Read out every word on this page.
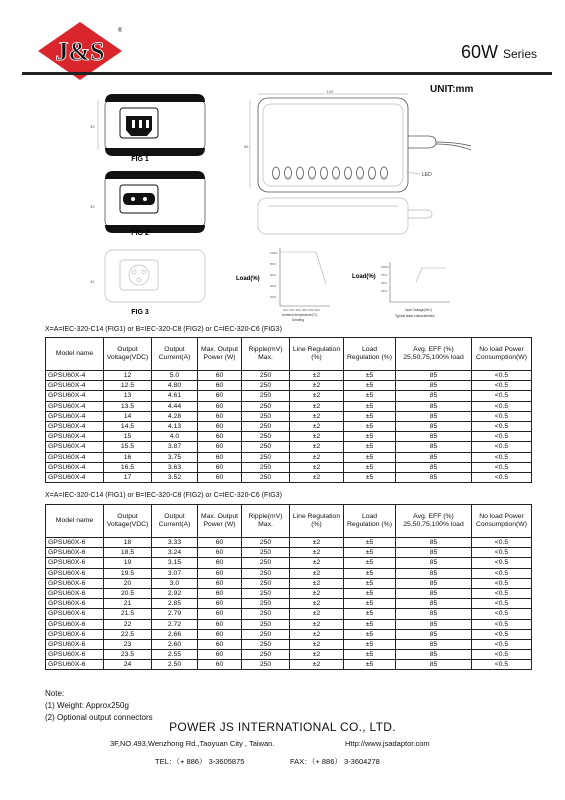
J&S
®
60W Series
UNIT:mm
33
FIG 1
33
FIG 2
33
FIG 3
100
56
LED
Load(%)
100%
80%
60%
40%
20%
10C 20C 30C 40C 50C 60C
Ambient temperature(°C)
Derating
Load(%)
100%
75%
50%
25%
Input Voltage(VAC)
Typical static characteristics
X=A=IEC-320-C14 (FIG1) or B=IEC-320-C8 (FIG2) or C=IEC-320-C6 (FIG3)
Model name	Output Voltage(VDC)	Output Current(A)	Max. Output Power (W)	Ripple(mV) Max.	Line Regulation (%)	Load Regulation (%)	Avg. EFF (%) 25,50,75,100% load	No load Power Consumption(W)
GPSU60X-4	12	5.0	60	250	±2	±5	85	<0.5
GPSU60X-4	12.5	4.80	60	250	±2	±5	85	<0.5
GPSU60X-4	13	4.61	60	250	±2	±5	85	<0.5
GPSU60X-4	13.5	4.44	60	250	±2	±5	85	<0.5
GPSU60X-4	14	4.28	60	250	±2	±5	85	<0.5
GPSU60X-4	14.5	4.13	60	250	±2	±5	85	<0.5
GPSU60X-4	15	4.0	60	250	±2	±5	85	<0.5
GPSU60X-4	15.5	3.87	60	250	±2	±5	85	<0.5
GPSU60X-4	16	3.75	60	250	±2	±5	85	<0.5
GPSU60X-4	16.5	3.63	60	250	±2	±5	85	<0.5
GPSU60X-4	17	3.52	60	250	±2	±5	85	<0.5
X=A=IEC-320-C14 (FIG1) or B=IEC-320-C8 (FIG2) or C=IEC-320-C6 (FIG3)
Model name	Output Voltage(VDC)	Output Current(A)	Max. Output Power (W)	Ripple(mV) Max.	Line Regulation (%)	Load Regulation (%)	Avg. EFF (%) 25,50,75,100% load	No load Power Consumption(W)
GPSU60X-6	18	3.33	60	250	±2	±5	85	<0.5
GPSU60X-6	18.5	3.24	60	250	±2	±5	85	<0.5
GPSU60X-6	19	3.15	60	250	±2	±5	85	<0.5
GPSU60X-6	19.5	3.07	60	250	±2	±5	85	<0.5
GPSU60X-6	20	3.0	60	250	±2	±5	85	<0.5
GPSU60X-6	20.5	2.92	60	250	±2	±5	85	<0.5
GPSU60X-6	21	2.85	60	250	±2	±5	85	<0.5
GPSU60X-6	21.5	2.79	60	250	±2	±5	85	<0.5
GPSU60X-6	22	2.72	60	250	±2	±5	85	<0.5
GPSU60X-6	22.5	2.66	60	250	±2	±5	85	<0.5
GPSU60X-6	23	2.60	60	250	±2	±5	85	<0.5
GPSU60X-6	23.5	2.55	60	250	±2	±5	85	<0.5
GPSU60X-6	24	2.50	60	250	±2	±5	85	<0.5
Note:
(1) Weight: Approx250g
(2) Optional output connectors
POWER JS INTERNATIONAL CO., LTD.
3F,NO.493,Wenzhong Rd.,Taoyuan City , Taiwan.	Http://www.jsadaptor.com
TEL：（+ 886） 3-3605875	FAX：（+ 886） 3-3604278
